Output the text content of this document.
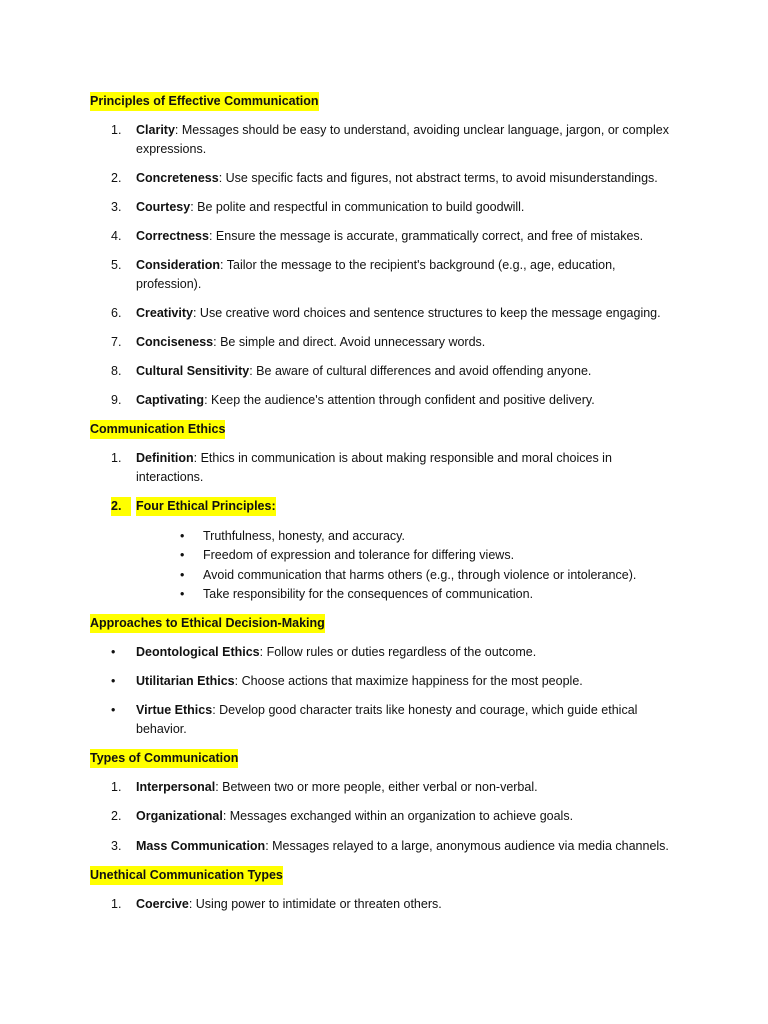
Principles of Effective Communication
1. Clarity: Messages should be easy to understand, avoiding unclear language, jargon, or complex expressions.
2. Concreteness: Use specific facts and figures, not abstract terms, to avoid misunderstandings.
3. Courtesy: Be polite and respectful in communication to build goodwill.
4. Correctness: Ensure the message is accurate, grammatically correct, and free of mistakes.
5. Consideration: Tailor the message to the recipient's background (e.g., age, education, profession).
6. Creativity: Use creative word choices and sentence structures to keep the message engaging.
7. Conciseness: Be simple and direct. Avoid unnecessary words.
8. Cultural Sensitivity: Be aware of cultural differences and avoid offending anyone.
9. Captivating: Keep the audience's attention through confident and positive delivery.
Communication Ethics
1. Definition: Ethics in communication is about making responsible and moral choices in interactions.
2.	Four Ethical Principles:
• Truthfulness, honesty, and accuracy.
• Freedom of expression and tolerance for differing views.
• Avoid communication that harms others (e.g., through violence or intolerance).
• Take responsibility for the consequences of communication.
Approaches to Ethical Decision-Making
• Deontological Ethics: Follow rules or duties regardless of the outcome.
• Utilitarian Ethics: Choose actions that maximize happiness for the most people.
• Virtue Ethics: Develop good character traits like honesty and courage, which guide ethical behavior.
Types of Communication
1. Interpersonal: Between two or more people, either verbal or non-verbal.
2. Organizational: Messages exchanged within an organization to achieve goals.
3. Mass Communication: Messages relayed to a large, anonymous audience via media channels.
Unethical Communication Types
1. Coercive: Using power to intimidate or threaten others.
